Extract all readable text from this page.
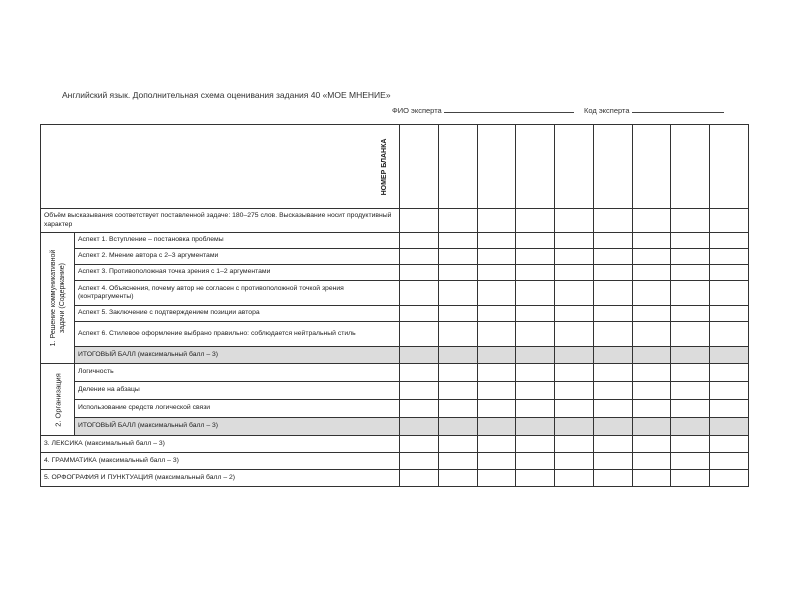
Английский язык. Дополнительная схема оценивания задания 40 «МОЕ МНЕНИЕ»
ФИО эксперта	Код эксперта
НОМЕР БЛАНКА										

Объём высказывания соответствует поставленной задаче: 180–275 слов. Высказывание носит продуктивный характер										

1. Решение коммуникативной задачи (Содержание)	Аспект 1. Вступление – постановка проблемы									
	Аспект 2. Мнение автора с 2–3 аргументами									
	Аспект 3. Противоположная точка зрения с 1–2 аргументами									
	Аспект 4. Объяснения, почему автор не согласен с противоположной точкой зрения (контраргументы)									
	Аспект 5. Заключение с подтверждением позиции автора									
	Аспект 6. Стилевое оформление выбрано правильно: соблюдается нейтральный стиль									
	ИТОГОВЫЙ БАЛЛ (максимальный балл – 3)									

2. Организация	Логичность									
	Деление на абзацы									
	Использование средств логической связи									
	ИТОГОВЫЙ БАЛЛ (максимальный балл – 3)									
3. ЛЕКСИКА (максимальный балл – 3)										
4. ГРАММАТИКА (максимальный балл – 3)										
5. ОРФОГРАФИЯ И ПУНКТУАЦИЯ (максимальный балл – 2)										
